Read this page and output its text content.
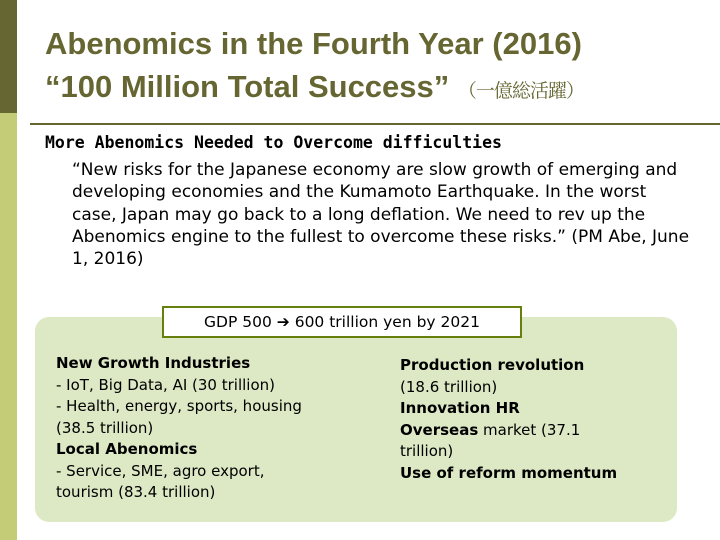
Abenomics in the Fourth Year (2016)
“100 Million Total Success” （一億総活躍）
More Abenomics Needed to Overcome difficulties
“New risks for the Japanese economy are slow growth of emerging and developing economies and the Kumamoto Earthquake. In the worst case, Japan may go back to a long deflation. We need to rev up the Abenomics engine to the fullest to overcome these risks.” (PM Abe, June 1, 2016)
GDP 500 ➔ 600 trillion yen by 2021
New Growth Industries
- IoT, Big Data, AI (30 trillion)
- Health, energy, sports, housing
(38.5 trillion)
Local Abenomics
- Service, SME, agro export,
tourism (83.4 trillion)
Production revolution
(18.6 trillion)
Innovation HR
Overseas market (37.1
trillion)
Use of reform momentum
